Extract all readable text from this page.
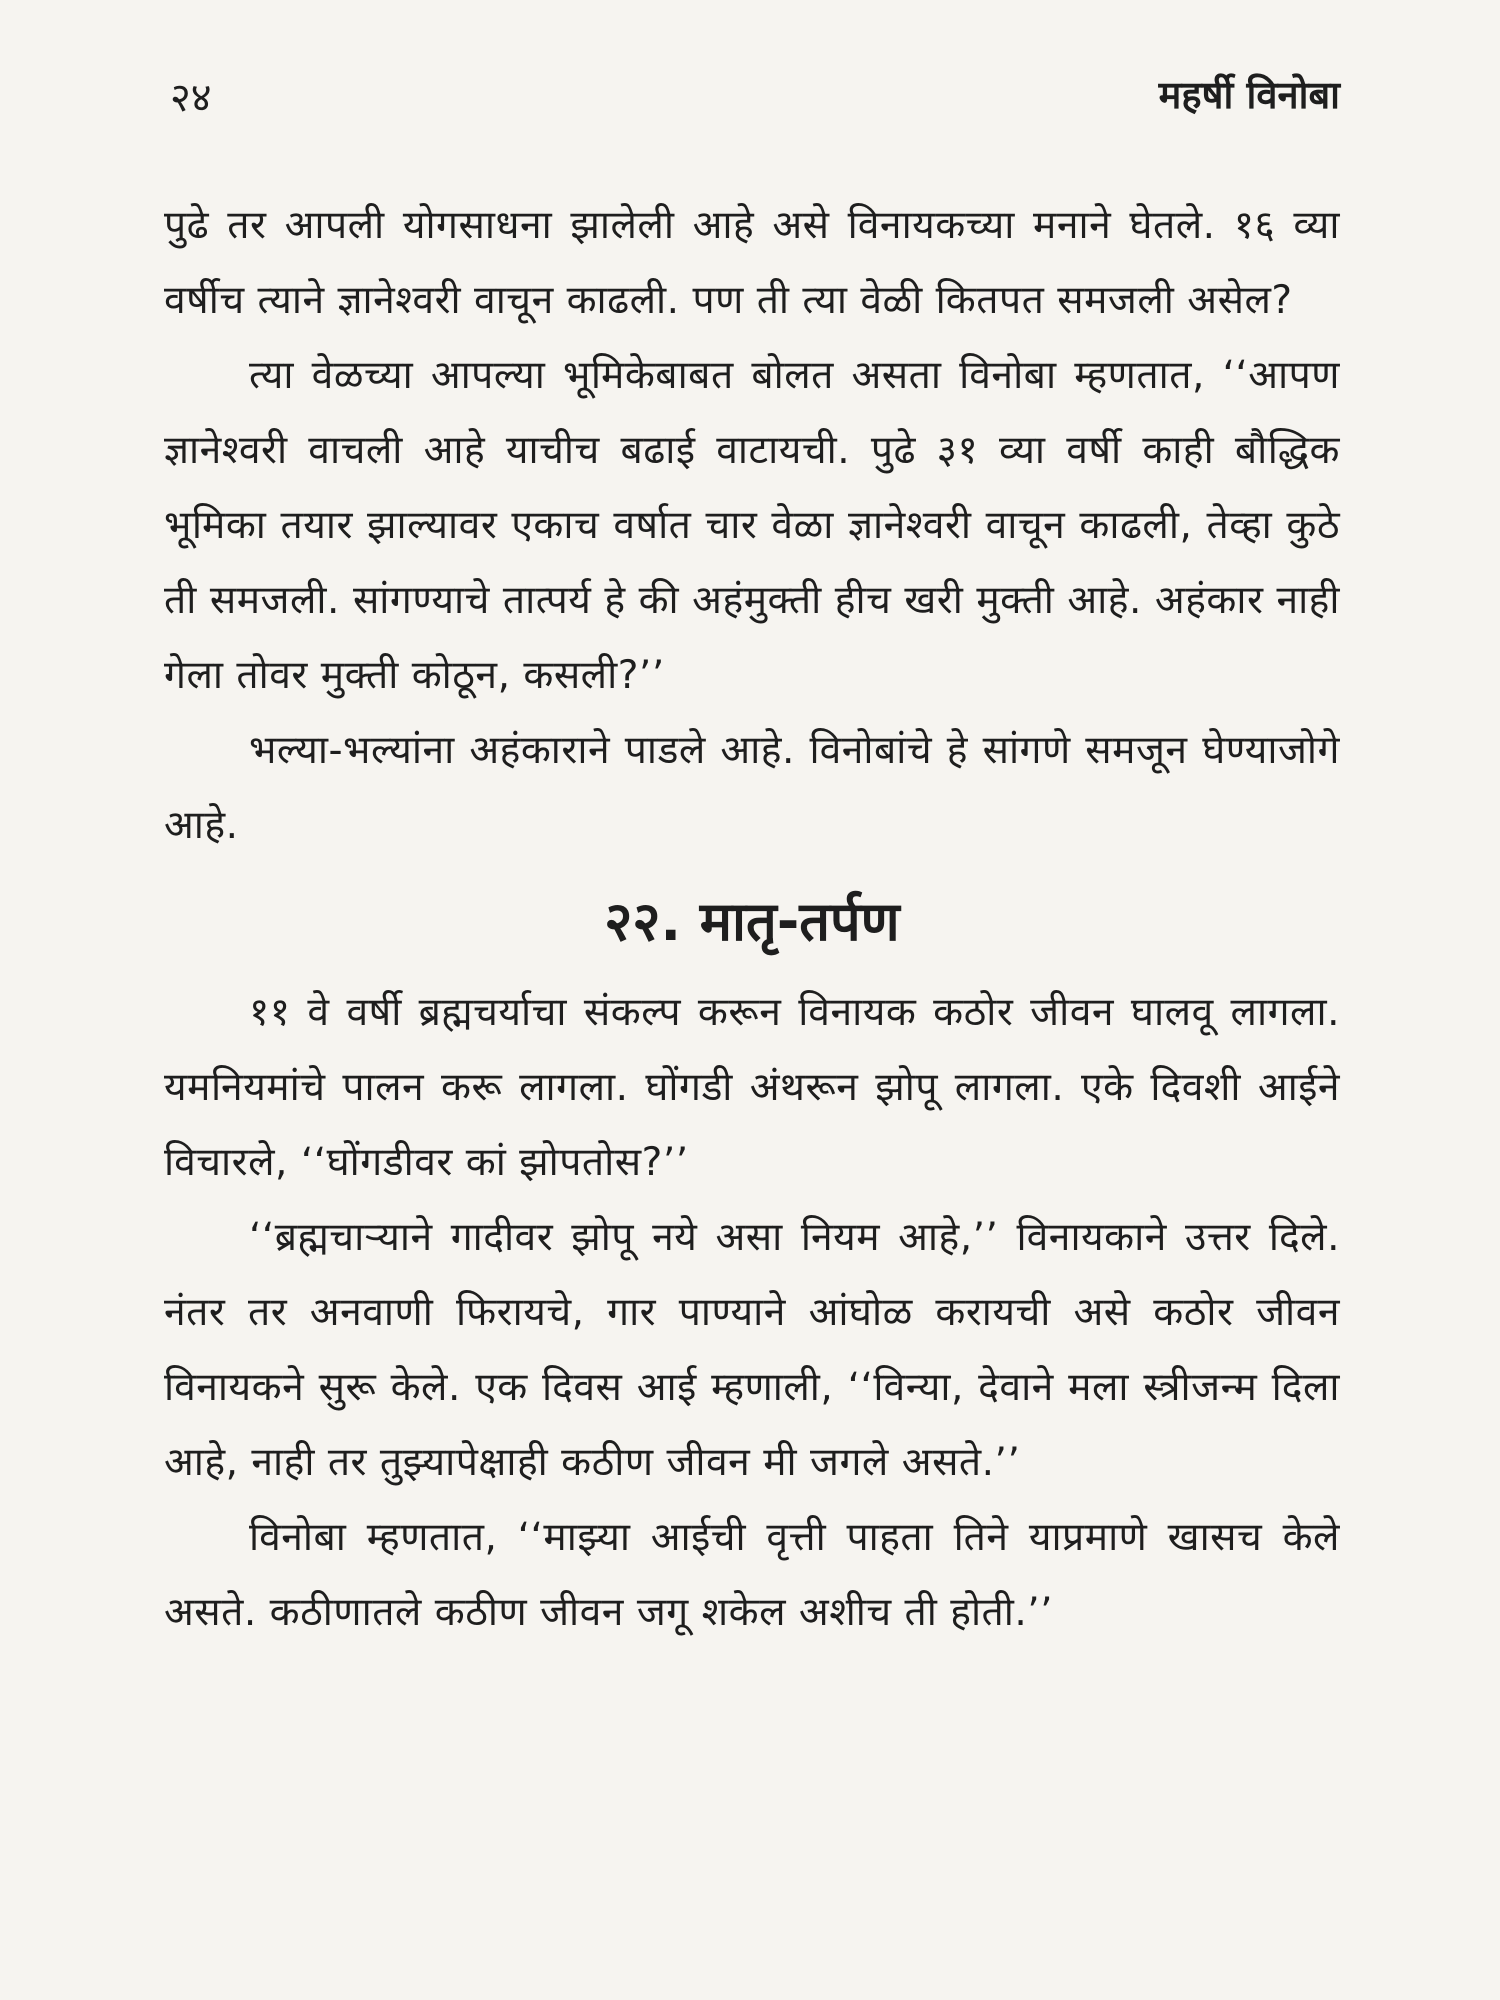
२४	महर्षी विनोबा

पुढे तर आपली योगसाधना झालेली आहे असे विनायकच्या मनाने घेतले. १६ व्या वर्षीच त्याने ज्ञानेश्वरी वाचून काढली. पण ती त्या वेळी कितपत समजली असेल?

त्या वेळच्या आपल्या भूमिकेबाबत बोलत असता विनोबा म्हणतात, ‘‘आपण ज्ञानेश्वरी वाचली आहे याचीच बढाई वाटायची. पुढे ३१ व्या वर्षी काही बौद्धिक भूमिका तयार झाल्यावर एकाच वर्षात चार वेळा ज्ञानेश्वरी वाचून काढली, तेव्हा कुठे ती समजली. सांगण्याचे तात्पर्य हे की अहंमुक्ती हीच खरी मुक्ती आहे. अहंकार नाही गेला तोवर मुक्ती कोठून, कसली?’’

भल्या-भल्यांना अहंकाराने पाडले आहे. विनोबांचे हे सांगणे समजून घेण्याजोगे आहे.

२२. मातृ-तर्पण

११ वे वर्षी ब्रह्मचर्याचा संकल्प करून विनायक कठोर जीवन घालवू लागला. यमनियमांचे पालन करू लागला. घोंगडी अंथरून झोपू लागला. एके दिवशी आईने विचारले, ‘‘घोंगडीवर कां झोपतोस?’’

‘‘ब्रह्मचाऱ्याने गादीवर झोपू नये असा नियम आहे,’’ विनायकाने उत्तर दिले. नंतर तर अनवाणी फिरायचे, गार पाण्याने आंघोळ करायची असे कठोर जीवन विनायकने सुरू केले. एक दिवस आई म्हणाली, ‘‘विन्या, देवाने मला स्त्रीजन्म दिला आहे, नाही तर तुझ्यापेक्षाही कठीण जीवन मी जगले असते.’’

विनोबा म्हणतात, ‘‘माझ्या आईची वृत्ती पाहता तिने याप्रमाणे खासच केले असते. कठीणातले कठीण जीवन जगू शकेल अशीच ती होती.’’
